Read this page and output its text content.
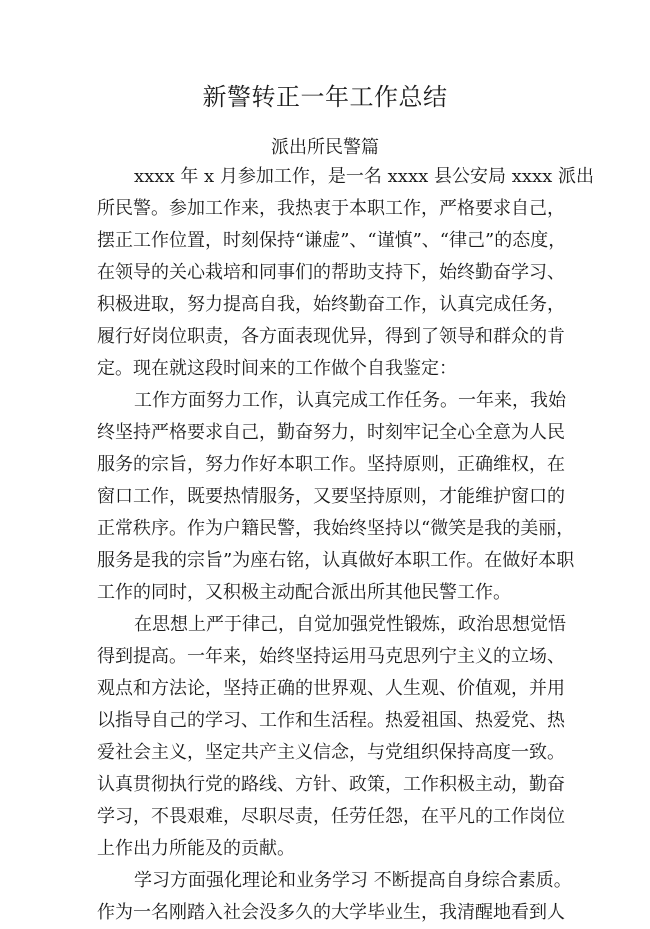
新警转正一年工作总结
派出所民警篇
xxxx 年 x 月参加工作，是一名 xxxx 县公安局 xxxx 派出
所民警。参加工作来，我热衷于本职工作，严格要求自己，
摆正工作位置，时刻保持“谦虚”、“谨慎”、“律己”的态度，
在领导的关心栽培和同事们的帮助支持下，始终勤奋学习、
积极进取，努力提高自我，始终勤奋工作，认真完成任务，
履行好岗位职责，各方面表现优异，得到了领导和群众的肯
定。现在就这段时间来的工作做个自我鉴定：
工作方面努力工作，认真完成工作任务。一年来，我始
终坚持严格要求自己，勤奋努力，时刻牢记全心全意为人民
服务的宗旨，努力作好本职工作。坚持原则，正确维权，在
窗口工作，既要热情服务，又要坚持原则，才能维护窗口的
正常秩序。作为户籍民警，我始终坚持以“微笑是我的美丽，
服务是我的宗旨”为座右铭，认真做好本职工作。在做好本职
工作的同时，又积极主动配合派出所其他民警工作。
在思想上严于律己，自觉加强党性锻炼，政治思想觉悟
得到提高。一年来，始终坚持运用马克思列宁主义的立场、
观点和方法论，坚持正确的世界观、人生观、价值观，并用
以指导自己的学习、工作和生活程。热爱祖国、热爱党、热
爱社会主义，坚定共产主义信念，与党组织保持高度一致。
认真贯彻执行党的路线、方针、政策，工作积极主动，勤奋
学习，不畏艰难，尽职尽责，任劳任怨，在平凡的工作岗位
上作出力所能及的贡献。
学习方面强化理论和业务学习 不断提高自身综合素质。
作为一名刚踏入社会没多久的大学毕业生，我清醒地看到人
